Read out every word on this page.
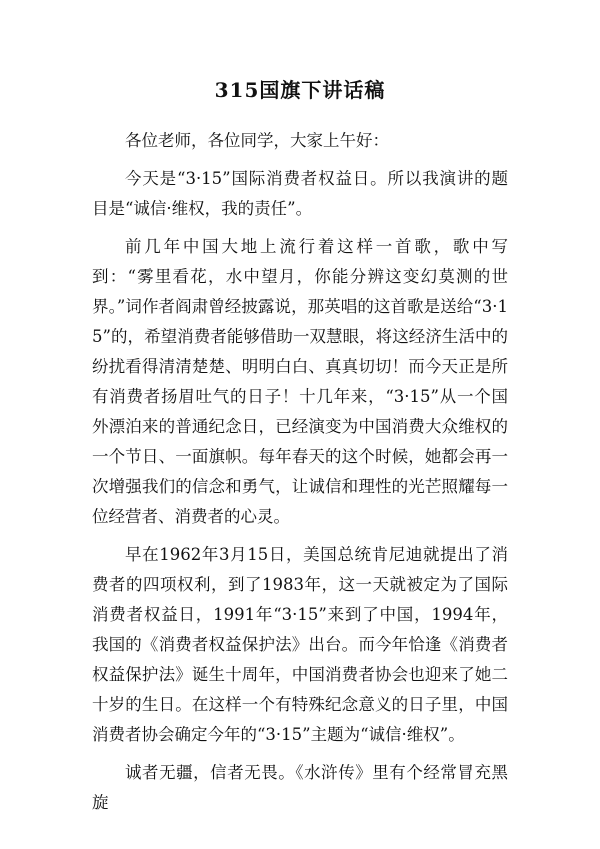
315国旗下讲话稿

各位老师，各位同学，大家上午好：

今天是“3·15”国际消费者权益日。所以我演讲的题目是“诚信·维权，我的责任”。

前几年中国大地上流行着这样一首歌，歌中写到：“雾里看花，水中望月，你能分辨这变幻莫测的世界。”词作者阎肃曾经披露说，那英唱的这首歌是送给“3·15”的，希望消费者能够借助一双慧眼，将这经济生活中的纷扰看得清清楚楚、明明白白、真真切切！而今天正是所有消费者扬眉吐气的日子！十几年来，“3·15”从一个国外漂泊来的普通纪念日，已经演变为中国消费大众维权的一个节日、一面旗帜。每年春天的这个时候，她都会再一次增强我们的信念和勇气，让诚信和理性的光芒照耀每一位经营者、消费者的心灵。

早在1962年3月15日，美国总统肯尼迪就提出了消费者的四项权利，到了1983年，这一天就被定为了国际消费者权益日，1991年“3·15”来到了中国，1994年，我国的《消费者权益保护法》出台。而今年恰逢《消费者权益保护法》诞生十周年，中国消费者协会也迎来了她二十岁的生日。在这样一个有特殊纪念意义的日子里，中国消费者协会确定今年的“3·15”主题为“诚信·维权”。

诚者无疆，信者无畏。《水浒传》里有个经常冒充黑旋
